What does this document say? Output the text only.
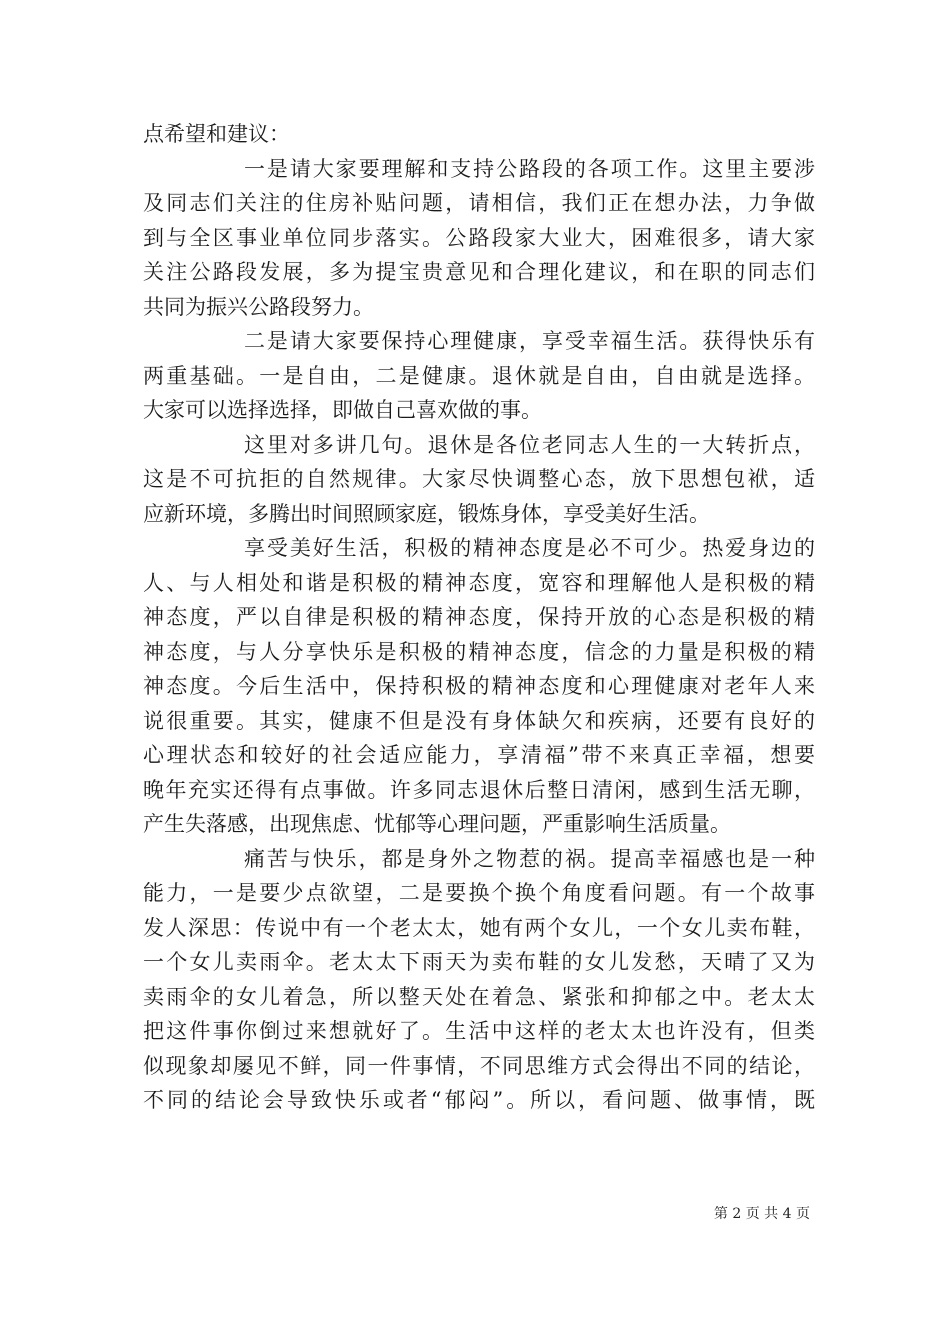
点希望和建议：
一是请大家要理解和支持公路段的各项工作。这里主要涉
及同志们关注的住房补贴问题，请相信，我们正在想办法，力争做
到与全区事业单位同步落实。公路段家大业大，困难很多，请大家
关注公路段发展，多为提宝贵意见和合理化建议，和在职的同志们
共同为振兴公路段努力。
二是请大家要保持心理健康，享受幸福生活。获得快乐有
两重基础。一是自由，二是健康。退休就是自由，自由就是选择。
大家可以选择选择，即做自己喜欢做的事。
这里对多讲几句。退休是各位老同志人生的一大转折点，
这是不可抗拒的自然规律。大家尽快调整心态，放下思想包袱，适
应新环境，多腾出时间照顾家庭，锻炼身体，享受美好生活。
享受美好生活，积极的精神态度是必不可少。热爱身边的
人、与人相处和谐是积极的精神态度，宽容和理解他人是积极的精
神态度，严以自律是积极的精神态度，保持开放的心态是积极的精
神态度，与人分享快乐是积极的精神态度，信念的力量是积极的精
神态度。今后生活中，保持积极的精神态度和心理健康对老年人来
说很重要。其实，健康不但是没有身体缺欠和疾病，还要有良好的
心理状态和较好的社会适应能力，享清福”带不来真正幸福，想要
晚年充实还得有点事做。许多同志退休后整日清闲，感到生活无聊，
产生失落感，出现焦虑、忧郁等心理问题，严重影响生活质量。
痛苦与快乐，都是身外之物惹的祸。提高幸福感也是一种
能力，一是要少点欲望，二是要换个换个角度看问题。有一个故事
发人深思：传说中有一个老太太，她有两个女儿，一个女儿卖布鞋，
一个女儿卖雨伞。老太太下雨天为卖布鞋的女儿发愁，天晴了又为
卖雨伞的女儿着急，所以整天处在着急、紧张和抑郁之中。老太太
把这件事你倒过来想就好了。生活中这样的老太太也许没有，但类
似现象却屡见不鲜，同一件事情，不同思维方式会得出不同的结论，
不同的结论会导致快乐或者“郁闷”。所以，看问题、做事情，既
第 2 页 共 4 页
